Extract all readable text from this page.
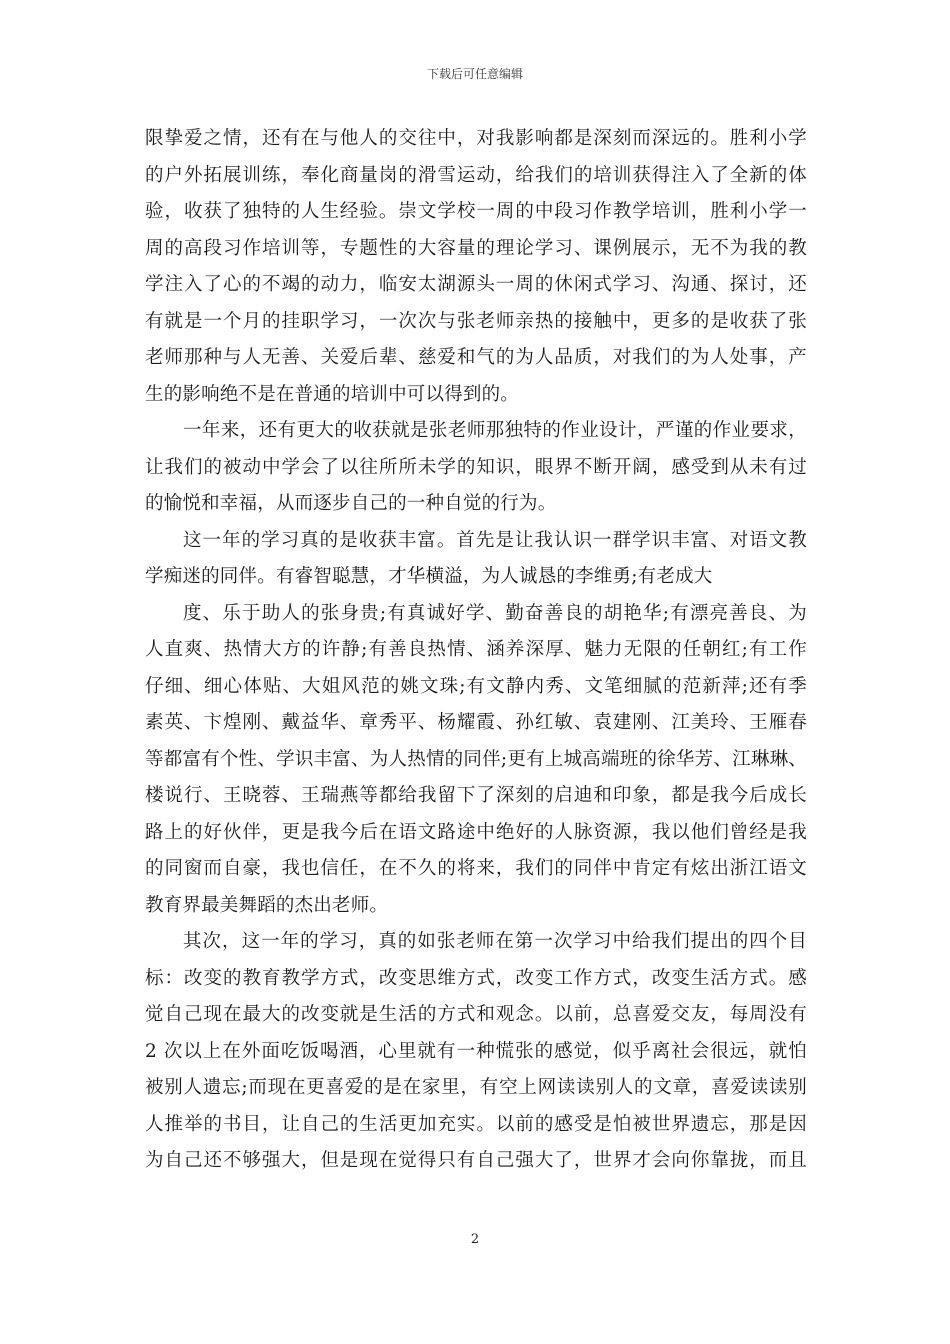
下载后可任意编辑
限挚爱之情，还有在与他人的交往中，对我影响都是深刻而深远的。胜利小学
的户外拓展训练，奉化商量岗的滑雪运动，给我们的培训获得注入了全新的体
验，收获了独特的人生经验。崇文学校一周的中段习作教学培训，胜利小学一
周的高段习作培训等，专题性的大容量的理论学习、课例展示，无不为我的教
学注入了心的不竭的动力，临安太湖源头一周的休闲式学习、沟通、探讨，还
有就是一个月的挂职学习，一次次与张老师亲热的接触中，更多的是收获了张
老师那种与人无善、关爱后辈、慈爱和气的为人品质，对我们的为人处事，产
生的影响绝不是在普通的培训中可以得到的。
一年来，还有更大的收获就是张老师那独特的作业设计，严谨的作业要求，
让我们的被动中学会了以往所所未学的知识，眼界不断开阔，感受到从未有过
的愉悦和幸福，从而逐步自己的一种自觉的行为。
这一年的学习真的是收获丰富。首先是让我认识一群学识丰富、对语文教
学痴迷的同伴。有睿智聪慧，才华横溢，为人诚恳的李维勇;有老成大
度、乐于助人的张身贵;有真诚好学、勤奋善良的胡艳华;有漂亮善良、为
人直爽、热情大方的许静;有善良热情、涵养深厚、魅力无限的任朝红;有工作
仔细、细心体贴、大姐风范的姚文珠;有文静内秀、文笔细腻的范新萍;还有季
素英、卞煌刚、戴益华、章秀平、杨耀霞、孙红敏、袁建刚、江美玲、王雁春
等都富有个性、学识丰富、为人热情的同伴;更有上城高端班的徐华芳、江琳琳、
楼说行、王晓蓉、王瑞燕等都给我留下了深刻的启迪和印象，都是我今后成长
路上的好伙伴，更是我今后在语文路途中绝好的人脉资源，我以他们曾经是我
的同窗而自豪，我也信任，在不久的将来，我们的同伴中肯定有炫出浙江语文
教育界最美舞蹈的杰出老师。
其次，这一年的学习，真的如张老师在第一次学习中给我们提出的四个目
标：改变的教育教学方式，改变思维方式，改变工作方式，改变生活方式。感
觉自己现在最大的改变就是生活的方式和观念。以前，总喜爱交友，每周没有
2 次以上在外面吃饭喝酒，心里就有一种慌张的感觉，似乎离社会很远，就怕
被别人遗忘;而现在更喜爱的是在家里，有空上网读读别人的文章，喜爱读读别
人推举的书目，让自己的生活更加充实。以前的感受是怕被世界遗忘，那是因
为自己还不够强大，但是现在觉得只有自己强大了，世界才会向你靠拢，而且
2
